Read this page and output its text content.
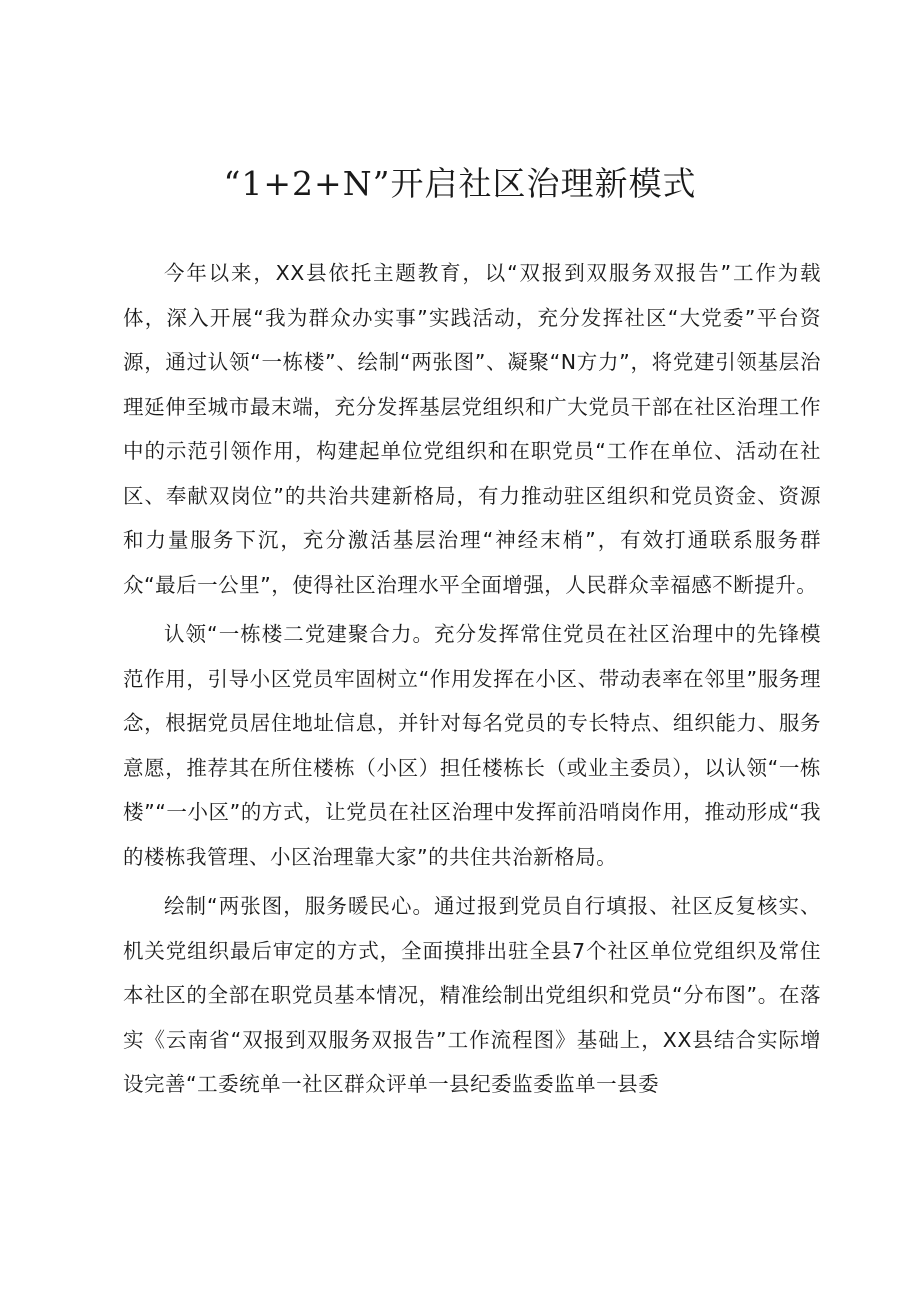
“1+2+N”开启社区治理新模式

今年以来，XX县依托主题教育，以“双报到双服务双报告”工作为载体，深入开展“我为群众办实事”实践活动，充分发挥社区“大党委”平台资源，通过认领“一栋楼”、绘制“两张图”、凝聚“N方力”，将党建引领基层治理延伸至城市最末端，充分发挥基层党组织和广大党员干部在社区治理工作中的示范引领作用，构建起单位党组织和在职党员“工作在单位、活动在社区、奉献双岗位”的共治共建新格局，有力推动驻区组织和党员资金、资源和力量服务下沉，充分激活基层治理“神经末梢”，有效打通联系服务群众“最后一公里”，使得社区治理水平全面增强，人民群众幸福感不断提升。

认领“一栋楼二党建聚合力。充分发挥常住党员在社区治理中的先锋模范作用，引导小区党员牢固树立“作用发挥在小区、带动表率在邻里”服务理念，根据党员居住地址信息，并针对每名党员的专长特点、组织能力、服务意愿，推荐其在所住楼栋（小区）担任楼栋长（或业主委员），以认领“一栋楼”“一小区”的方式，让党员在社区治理中发挥前沿哨岗作用，推动形成“我的楼栋我管理、小区治理靠大家”的共住共治新格局。

绘制“两张图，服务暖民心。通过报到党员自行填报、社区反复核实、机关党组织最后审定的方式，全面摸排出驻全县7个社区单位党组织及常住本社区的全部在职党员基本情况，精准绘制出党组织和党员“分布图”。在落实《云南省“双报到双服务双报告”工作流程图》基础上，XX县结合实际增设完善“工委统单一社区群众评单一县纪委监委监单一县委
